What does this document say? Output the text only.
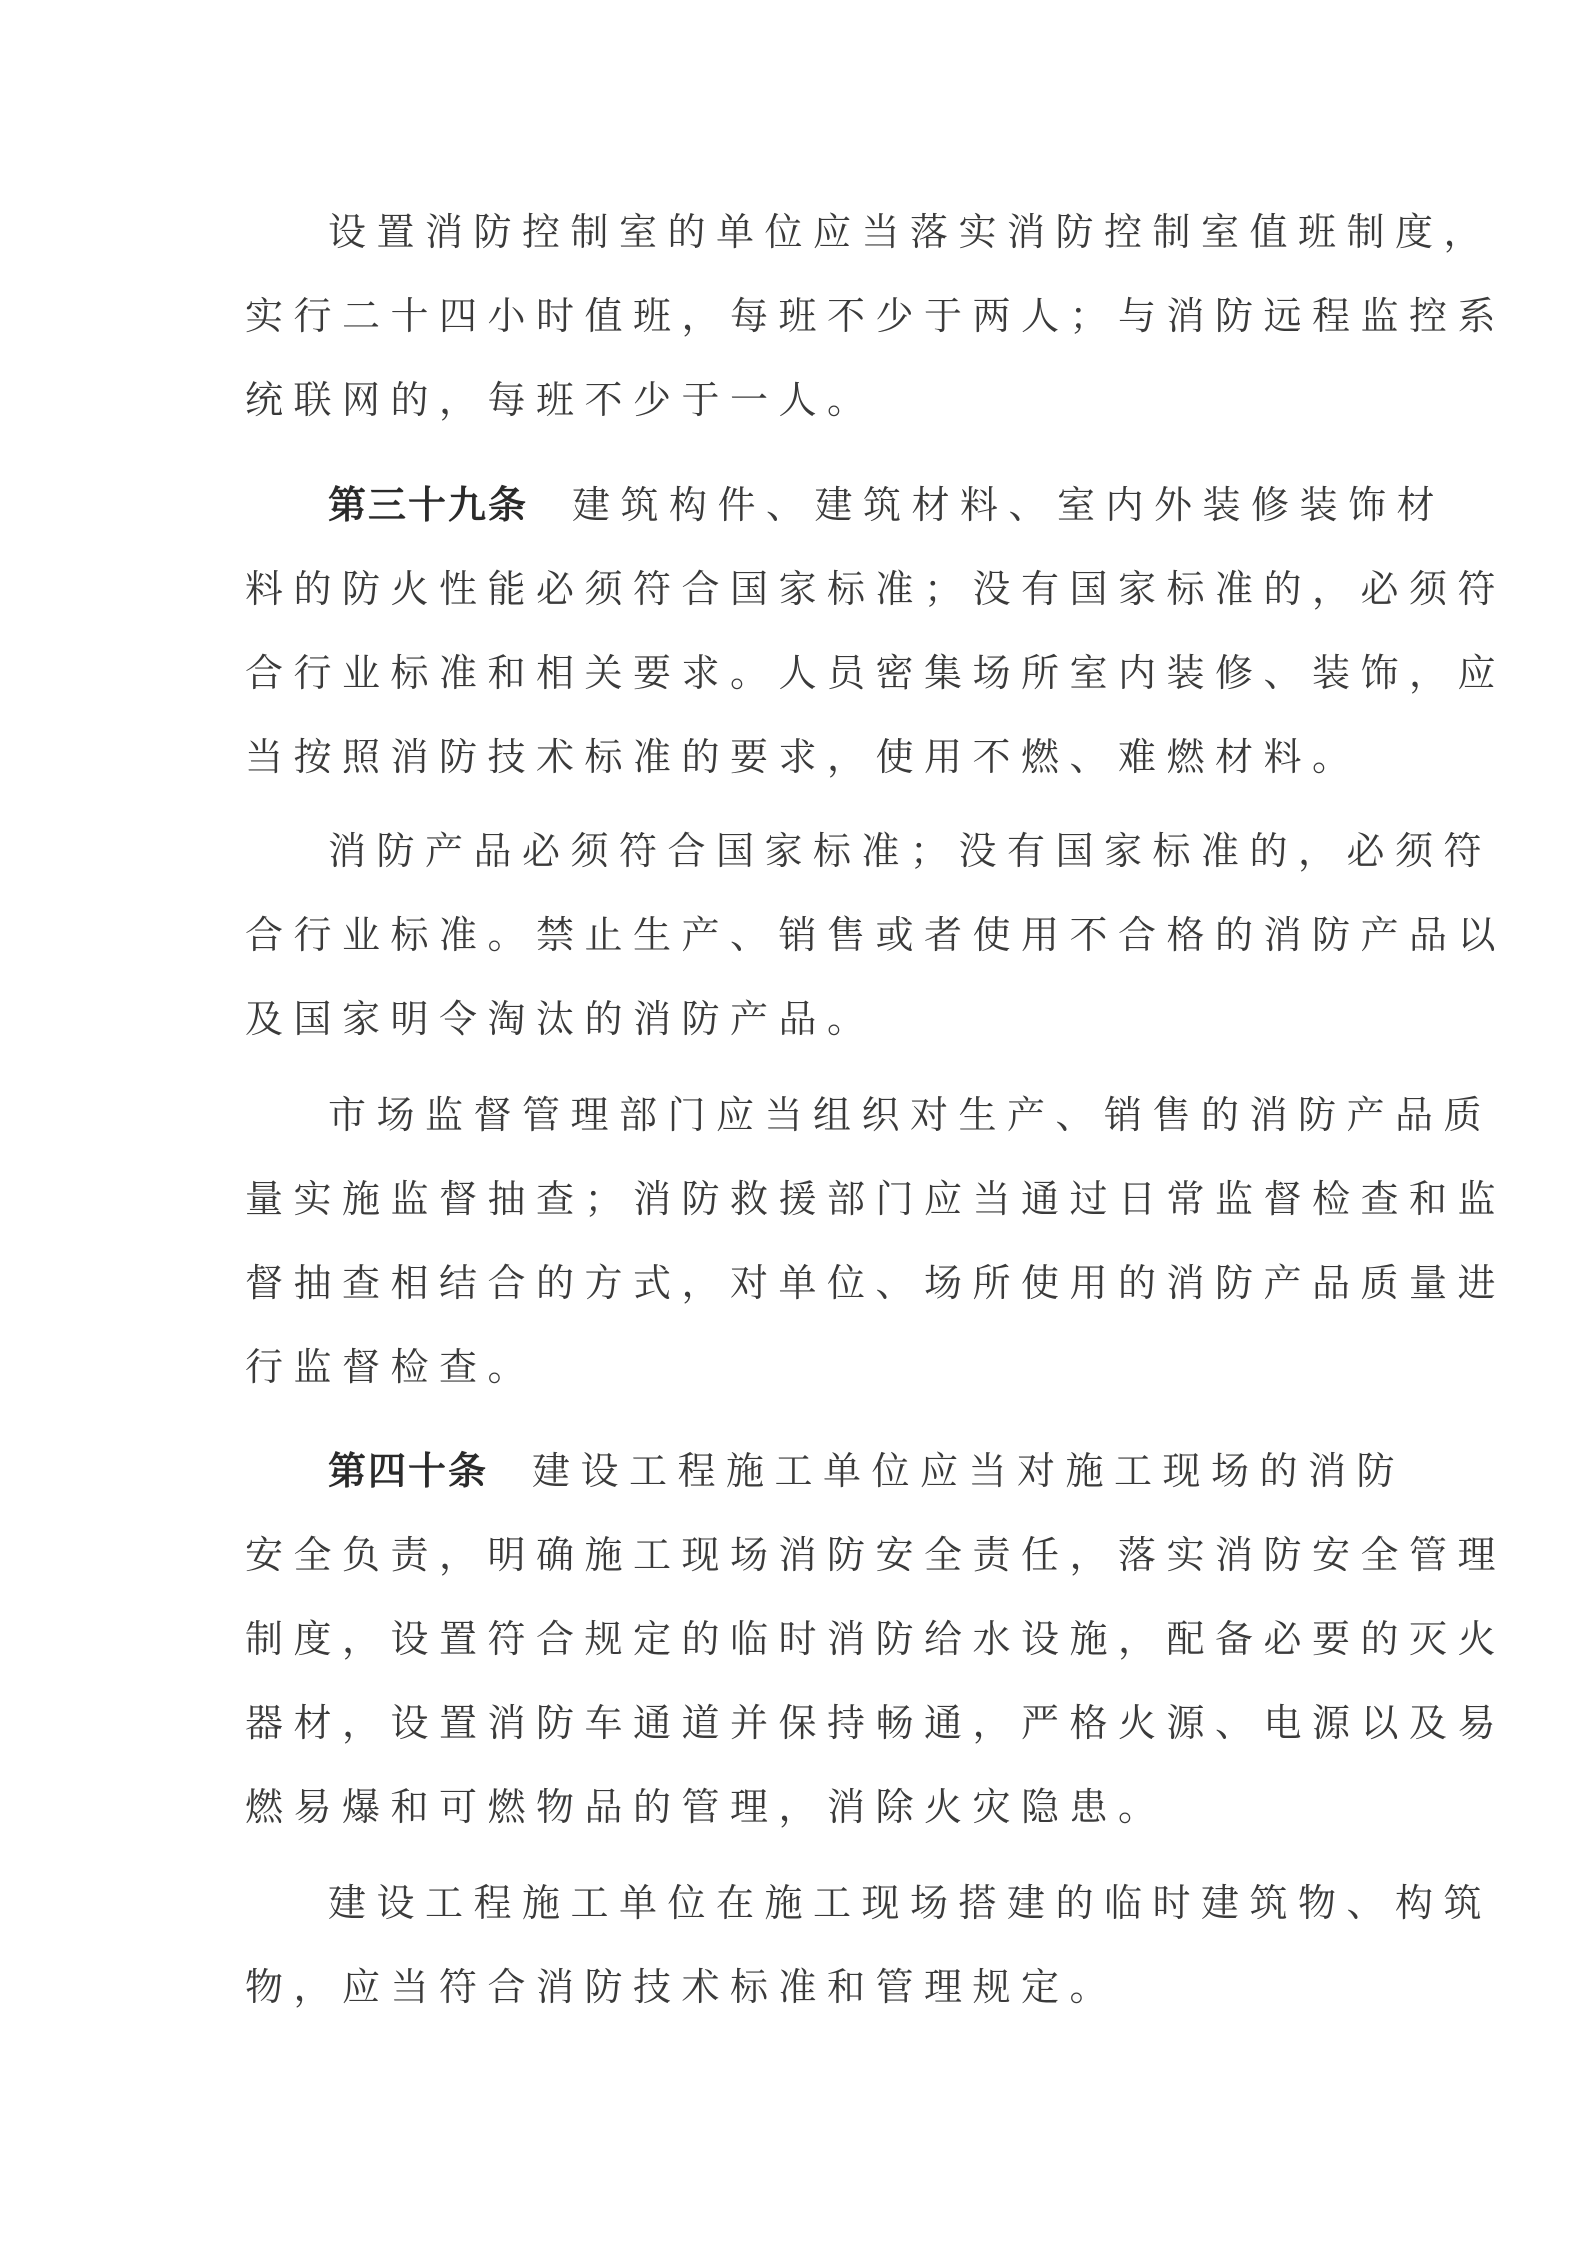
设置消防控制室的单位应当落实消防控制室值班制度，
实行二十四小时值班，每班不少于两人；与消防远程监控系
统联网的，每班不少于一人。
第三十九条 建筑构件、建筑材料、室内外装修装饰材
料的防火性能必须符合国家标准；没有国家标准的，必须符
合行业标准和相关要求。人员密集场所室内装修、装饰，应
当按照消防技术标准的要求，使用不燃、难燃材料。
消防产品必须符合国家标准；没有国家标准的，必须符
合行业标准。禁止生产、销售或者使用不合格的消防产品以
及国家明令淘汰的消防产品。
市场监督管理部门应当组织对生产、销售的消防产品质
量实施监督抽查；消防救援部门应当通过日常监督检查和监
督抽查相结合的方式，对单位、场所使用的消防产品质量进
行监督检查。
第四十条 建设工程施工单位应当对施工现场的消防
安全负责，明确施工现场消防安全责任，落实消防安全管理
制度，设置符合规定的临时消防给水设施，配备必要的灭火
器材，设置消防车通道并保持畅通，严格火源、电源以及易
燃易爆和可燃物品的管理，消除火灾隐患。
建设工程施工单位在施工现场搭建的临时建筑物、构筑
物，应当符合消防技术标准和管理规定。
